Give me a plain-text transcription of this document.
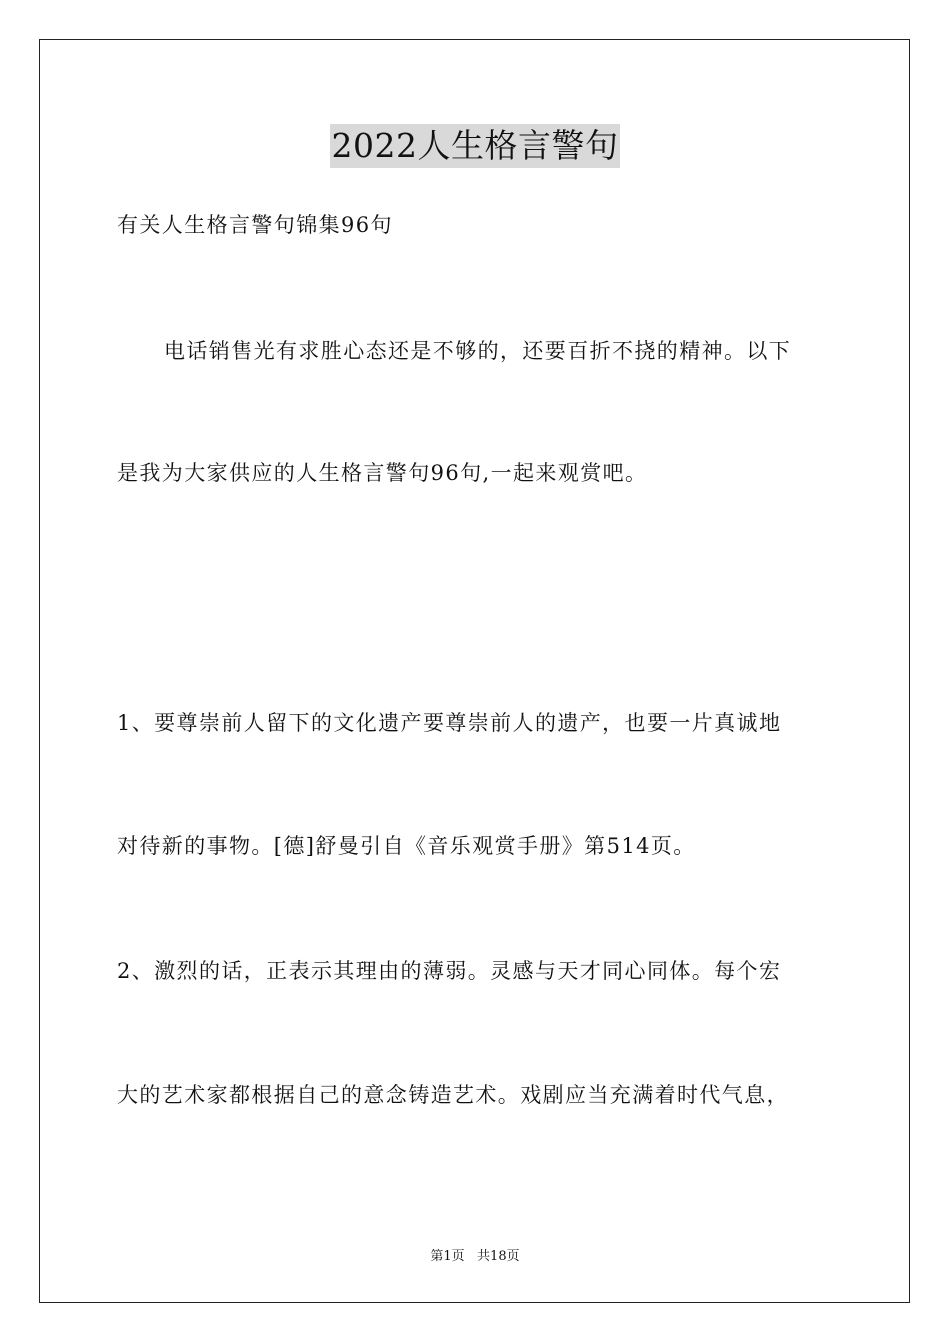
2022人生格言警句
有关人生格言警句锦集96句
电话销售光有求胜心态还是不够的，还要百折不挠的精神。以下
是我为大家供应的人生格言警句96句,一起来观赏吧。
1、要尊崇前人留下的文化遗产要尊崇前人的遗产，也要一片真诚地
对待新的事物。[德]舒曼引自《音乐观赏手册》第514页。
2、激烈的话，正表示其理由的薄弱。灵感与天才同心同体。每个宏
大的艺术家都根据自己的意念铸造艺术。戏剧应当充满着时代气息，
第1页   共18页
